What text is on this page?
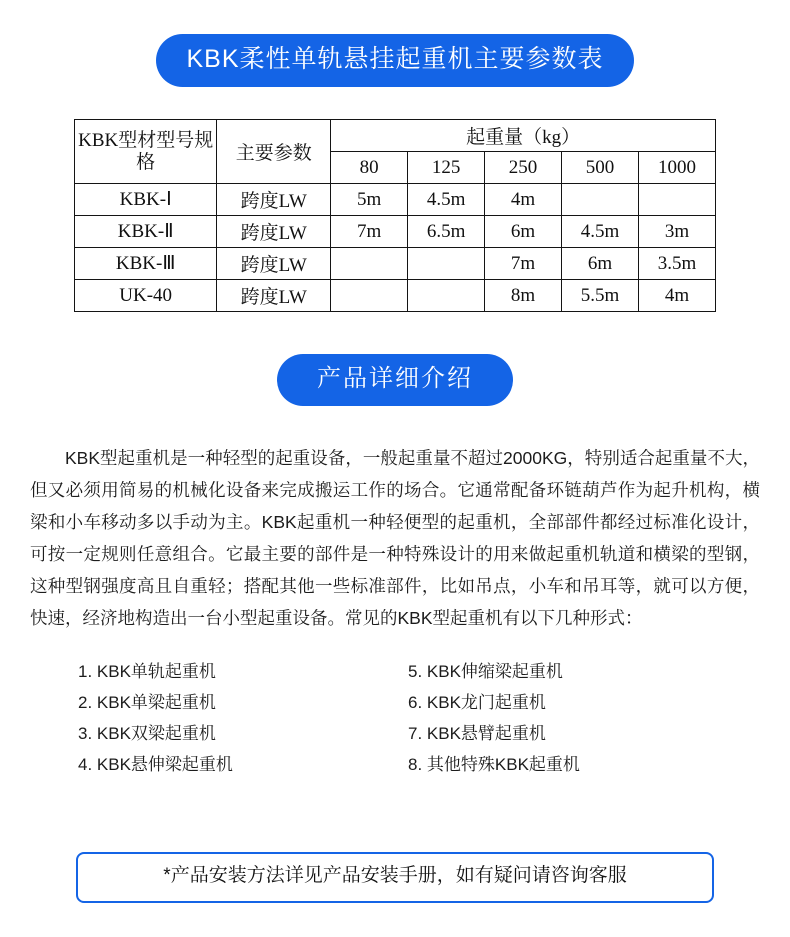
KBK柔性单轨悬挂起重机主要参数表
KBK型材型号规格	主要参数	起重量（kg）				
		80	125	250	500	1000
KBK-Ⅰ	跨度LW	5m	4.5m	4m		
KBK-Ⅱ	跨度LW	7m	6.5m	6m	4.5m	3m
KBK-Ⅲ	跨度LW			7m	6m	3.5m
UK-40	跨度LW			8m	5.5m	4m
产品详细介绍
KBK型起重机是一种轻型的起重设备，一般起重量不超过2000KG，特别适合起重量不大，但又必须用简易的机械化设备来完成搬运工作的场合。它通常配备环链葫芦作为起升机构，横梁和小车移动多以手动为主。KBK起重机一种轻便型的起重机，全部部件都经过标准化设计，可按一定规则任意组合。它最主要的部件是一种特殊设计的用来做起重机轨道和横梁的型钢，这种型钢强度高且自重轻；搭配其他一些标准部件，比如吊点，小车和吊耳等，就可以方便，快速，经济地构造出一台小型起重设备。常见的KBK型起重机有以下几种形式：
1. KBK单轨起重机
2. KBK单梁起重机
3. KBK双梁起重机
4. KBK悬伸梁起重机
5. KBK伸缩梁起重机
6. KBK龙门起重机
7. KBK悬臂起重机
8. 其他特殊KBK起重机
*产品安装方法详见产品安装手册，如有疑问请咨询客服
